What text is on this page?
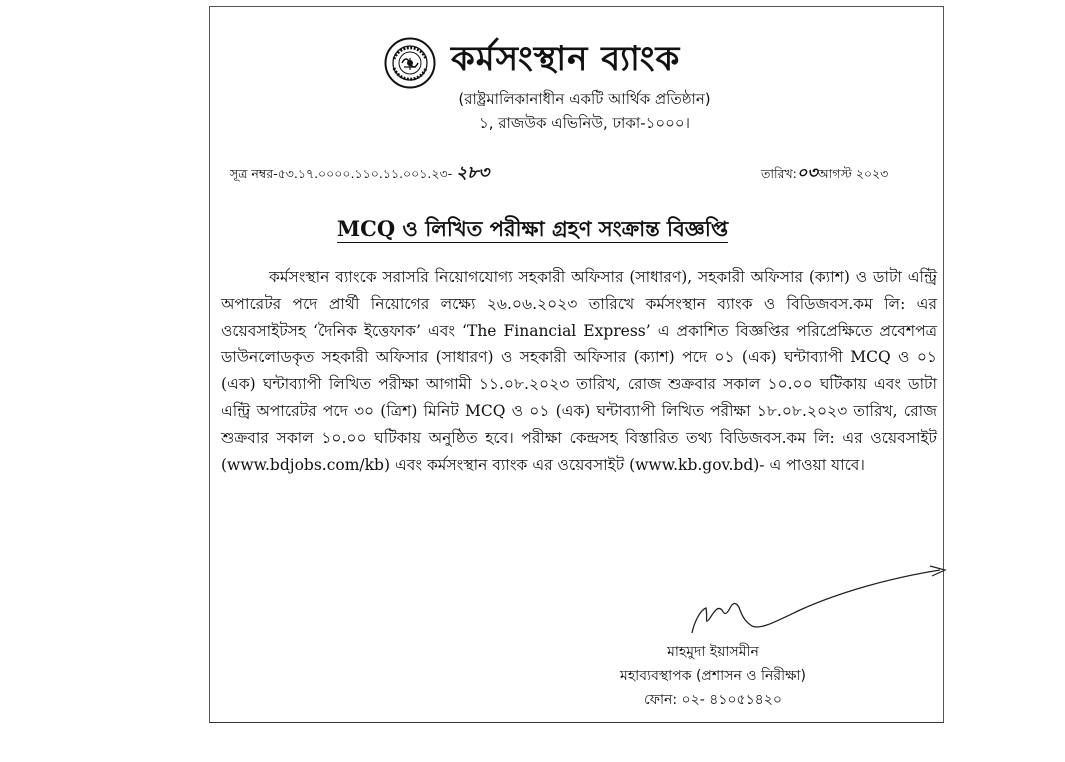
কর্মসংস্থান ব্যাংক
(রাষ্ট্রমালিকানাধীন একটি আর্থিক প্রতিষ্ঠান)
১, রাজউক এভিনিউ, ঢাকা-১০০০।
সূত্র নম্বর-৫৩.১৭.০০০০.১১০.১১.০০১.২৩- ২৮৩	তারিখ:০৩আগস্ট ২০২৩
MCQ ও লিখিত পরীক্ষা গ্রহণ সংক্রান্ত বিজ্ঞপ্তি
কর্মসংস্থান ব্যাংকে সরাসরি নিয়োগযোগ্য সহকারী অফিসার (সাধারণ), সহকারী অফিসার (ক্যাশ) ও ডাটা এন্ট্রি অপারেটর পদে প্রার্থী নিয়োগের লক্ষ্যে ২৬.০৬.২০২৩ তারিখে কর্মসংস্থান ব্যাংক ও বিডিজবস.কম লি: এর ওয়েবসাইটসহ ‘দৈনিক ইত্তেফাক’ এবং ‘The Financial Express’ এ প্রকাশিত বিজ্ঞপ্তির পরিপ্রেক্ষিতে প্রবেশপত্র ডাউনলোডকৃত সহকারী অফিসার (সাধারণ) ও সহকারী অফিসার (ক্যাশ) পদে ০১ (এক) ঘন্টাব্যাপী MCQ ও ০১ (এক) ঘন্টাব্যাপী লিখিত পরীক্ষা আগামী ১১.০৮.২০২৩ তারিখ, রোজ শুক্রবার সকাল ১০.০০ ঘটিকায় এবং ডাটা এন্ট্রি অপারেটর পদে ৩০ (ত্রিশ) মিনিট MCQ ও ০১ (এক) ঘন্টাব্যাপী লিখিত পরীক্ষা ১৮.০৮.২০২৩ তারিখ, রোজ শুক্রবার সকাল ১০.০০ ঘটিকায় অনুষ্ঠিত হবে। পরীক্ষা কেন্দ্রসহ বিস্তারিত তথ্য বিডিজবস.কম লি: এর ওয়েবসাইট (www.bdjobs.com/kb) এবং কর্মসংস্থান ব্যাংক এর ওয়েবসাইট (www.kb.gov.bd)- এ পাওয়া যাবে।
মাহমুদা ইয়াসমীন
মহাব্যবস্থাপক (প্রশাসন ও নিরীক্ষা)
ফোন: ০২- ৪১০৫১৪২০
